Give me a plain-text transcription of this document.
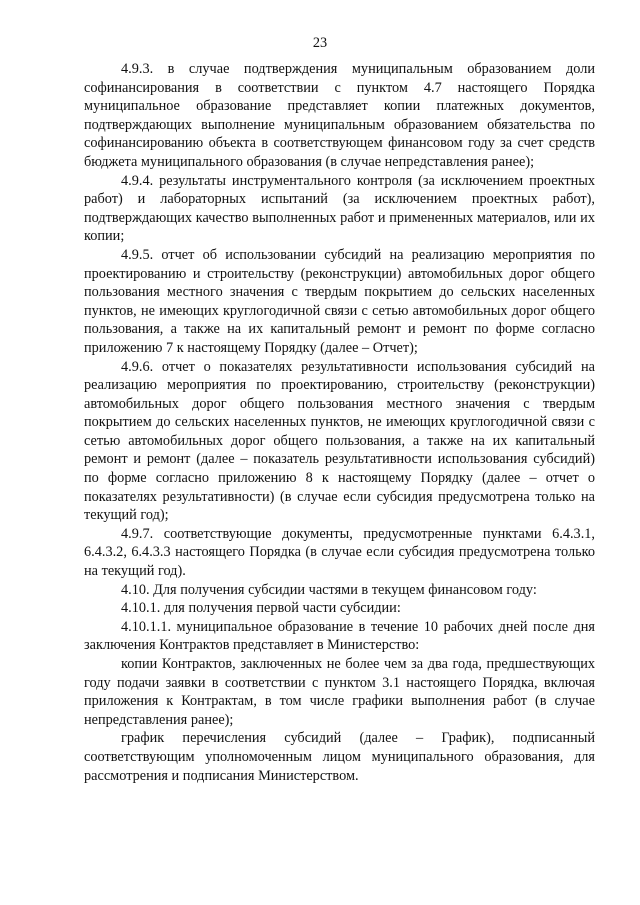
23

4.9.3. в случае подтверждения муниципальным образованием доли софинансирования в соответствии с пунктом 4.7 настоящего Порядка муниципальное образование представляет копии платежных документов, подтверждающих выполнение муниципальным образованием обязательства по софинансированию объекта в соответствующем финансовом году за счет средств бюджета муниципального образования (в случае непредставления ранее);

4.9.4. результаты инструментального контроля (за исключением проектных работ) и лабораторных испытаний (за исключением проектных работ), подтверждающих качество выполненных работ и примененных материалов, или их копии;

4.9.5. отчет об использовании субсидий на реализацию мероприятия по проектированию и строительству (реконструкции) автомобильных дорог общего пользования местного значения с твердым покрытием до сельских населенных пунктов, не имеющих круглогодичной связи с сетью автомобильных дорог общего пользования, а также на их капитальный ремонт и ремонт по форме согласно приложению 7 к настоящему Порядку (далее – Отчет);

4.9.6. отчет о показателях результативности использования субсидий на реализацию мероприятия по проектированию, строительству (реконструкции) автомобильных дорог общего пользования местного значения с твердым покрытием до сельских населенных пунктов, не имеющих круглогодичной связи с сетью автомобильных дорог общего пользования, а также на их капитальный ремонт и ремонт (далее – показатель результативности использования субсидий) по форме согласно приложению 8 к настоящему Порядку (далее – отчет о показателях результативности) (в случае если субсидия предусмотрена только на текущий год);

4.9.7. соответствующие документы, предусмотренные пунктами 6.4.3.1, 6.4.3.2, 6.4.3.3 настоящего Порядка (в случае если субсидия предусмотрена только на текущий год).

4.10. Для получения субсидии частями в текущем финансовом году:

4.10.1. для получения первой части субсидии:

4.10.1.1. муниципальное образование в течение 10 рабочих дней после дня заключения Контрактов представляет в Министерство:

копии Контрактов, заключенных не более чем за два года, предшествующих году подачи заявки в соответствии с пунктом 3.1 настоящего Порядка, включая приложения к Контрактам, в том числе графики выполнения работ (в случае непредставления ранее);

график перечисления субсидий (далее – График), подписанный соответствующим уполномоченным лицом муниципального образования, для рассмотрения и подписания Министерством.
